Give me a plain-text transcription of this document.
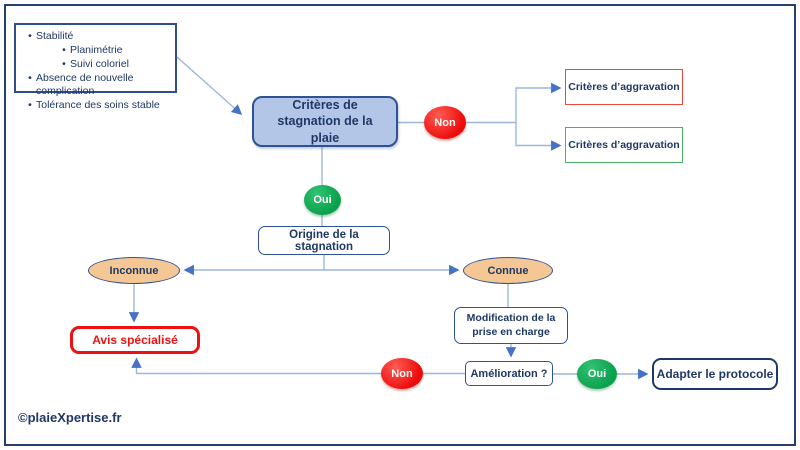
• Stabilité
• Planimétrie
• Suivi coloriel
• Absence de nouvelle complication
• Tolérance des soins stable	Critères de stagnation de la plaie
Non
Critères d’aggravation
Critères d’aggravation
Oui
Origine de la stagnation
Inconnue	Connue
Avis spécialisé
Modification de la prise en charge
Amélioration ?
Non	Oui	Adapter le protocole
©plaieXpertise.fr
